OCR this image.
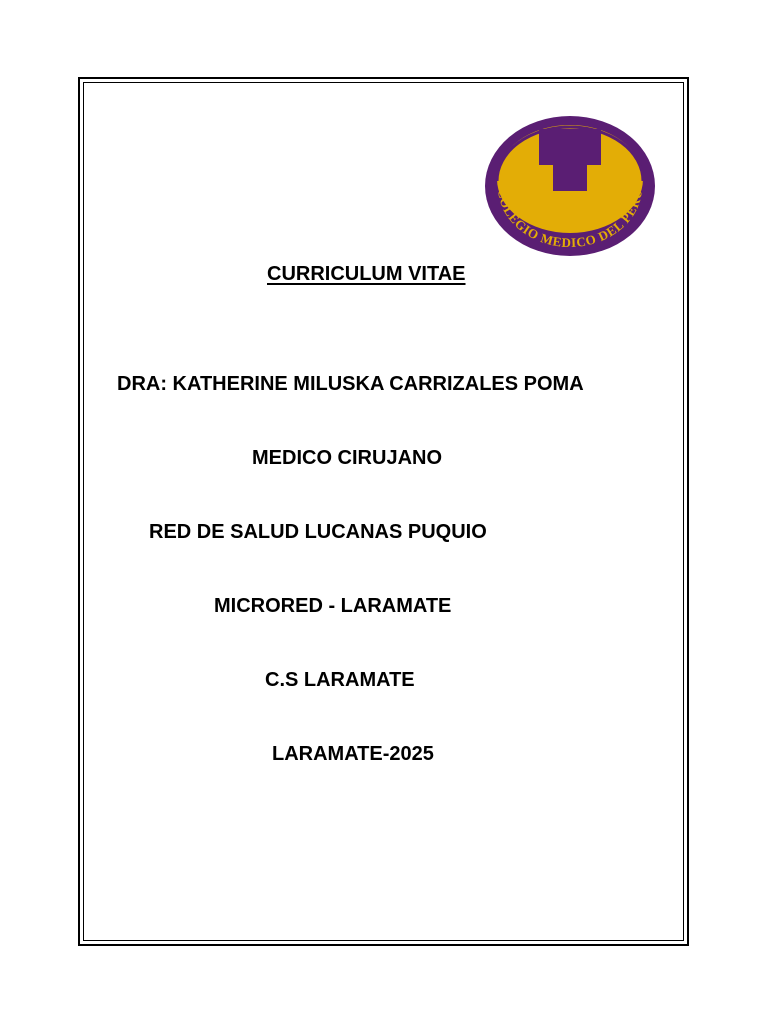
COLEGIO MEDICO DEL PERU
CURRICULUM VITAE
DRA: KATHERINE MILUSKA CARRIZALES POMA
MEDICO CIRUJANO
RED DE SALUD LUCANAS PUQUIO
MICRORED - LARAMATE
C.S LARAMATE
LARAMATE-2025
